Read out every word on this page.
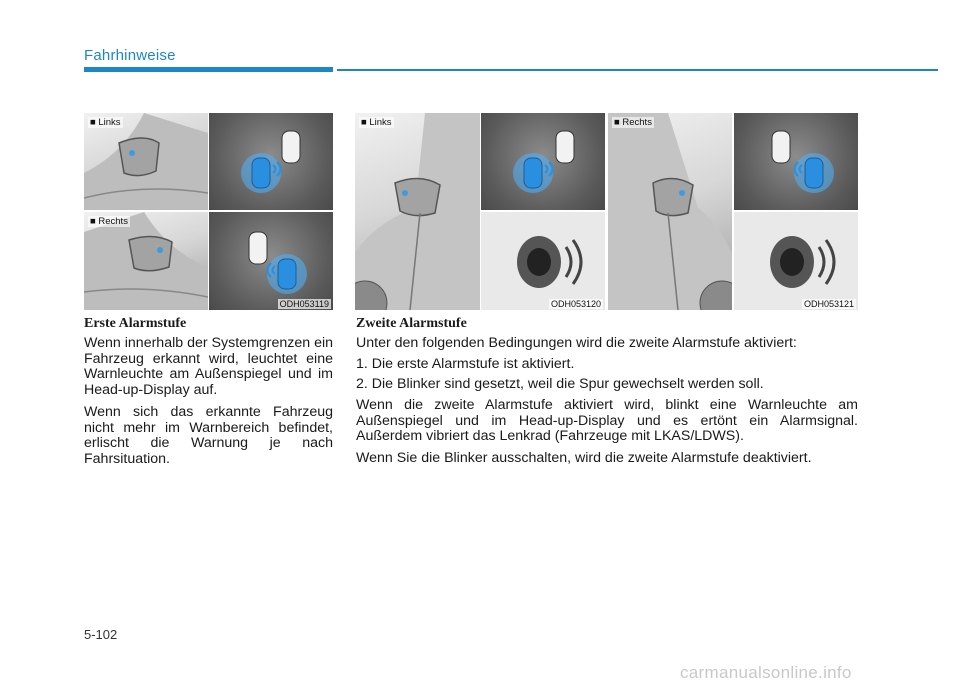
Fahrhinweise
■ Links
■ Rechts
ODH053119
■ Links
ODH053120
■ Rechts
ODH053121
Erste Alarmstufe
Wenn innerhalb der Systemgrenzen ein Fahrzeug erkannt wird, leuchtet eine Warnleuchte am Außenspiegel und im Head-up-Display auf.
Wenn sich das erkannte Fahrzeug nicht mehr im Warnbereich befindet, erlischt die Warnung je nach Fahrsituation.
Zweite Alarmstufe
Unter den folgenden Bedingungen wird die zweite Alarmstufe aktiviert:
1. Die erste Alarmstufe ist aktiviert.
2. Die Blinker sind gesetzt, weil die Spur gewechselt werden soll.
Wenn die zweite Alarmstufe aktiviert wird, blinkt eine Warnleuchte am Außenspiegel und im Head-up-Display und es ertönt ein Alarmsignal. Außerdem vibriert das Lenkrad (Fahrzeuge mit LKAS/LDWS).
Wenn Sie die Blinker ausschalten, wird die zweite Alarmstufe deaktiviert.
5-102
carmanualsonline.info
